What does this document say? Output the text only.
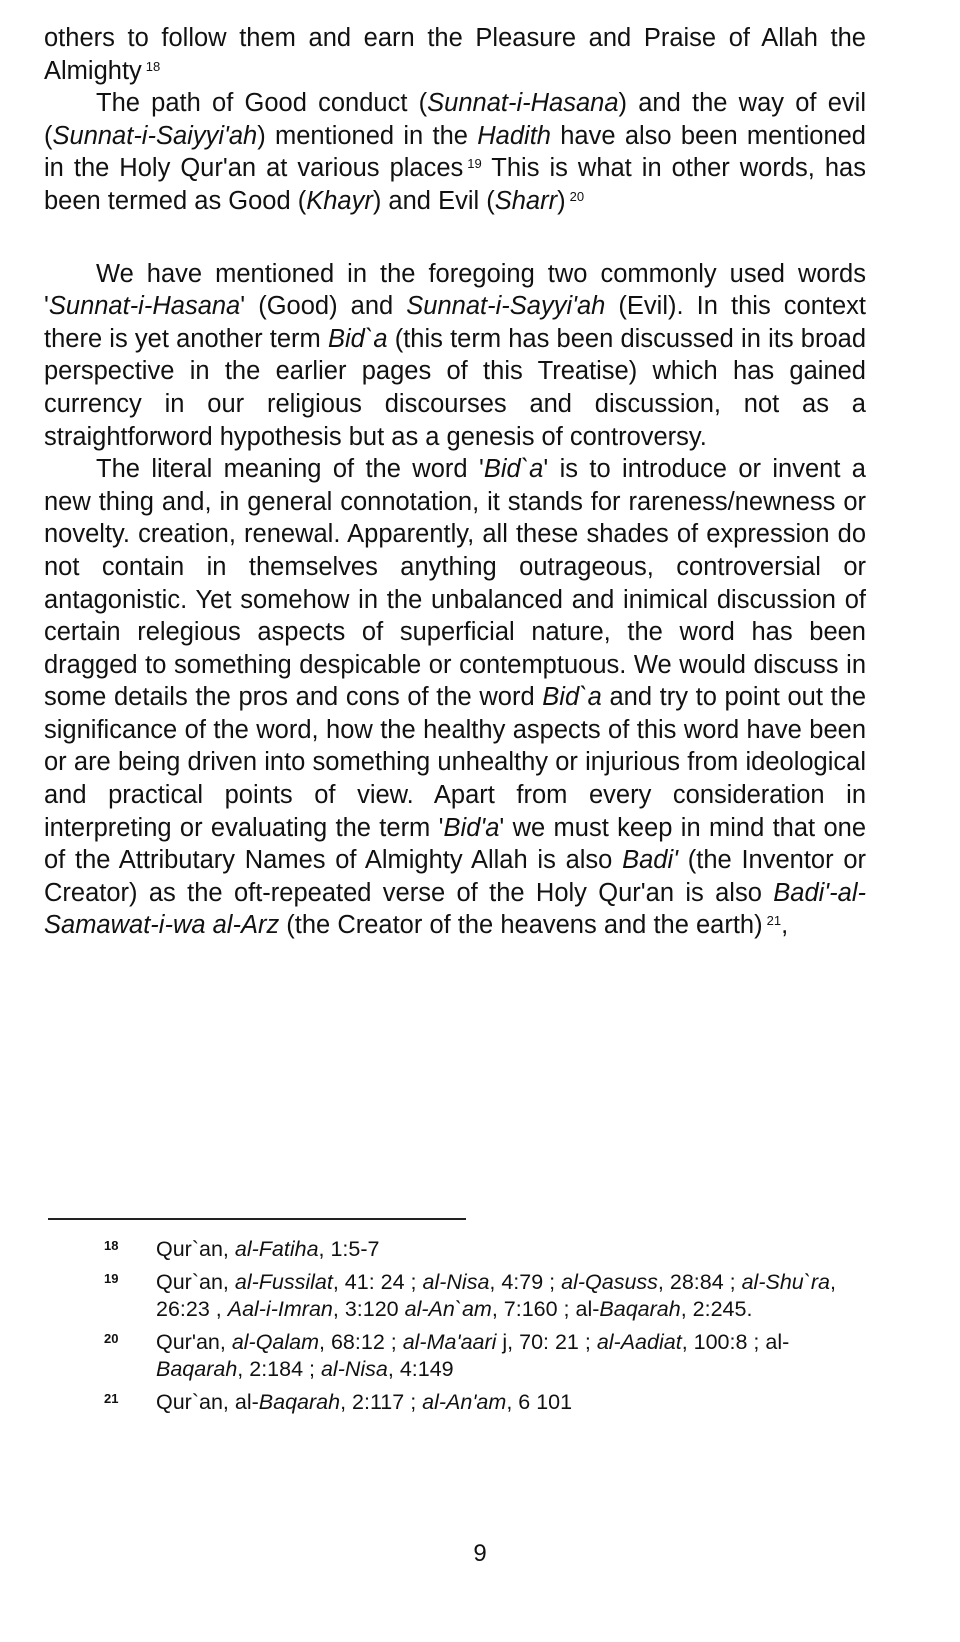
others to follow them and earn the Pleasure and Praise of Allah the Almighty $^{18}$

The path of Good conduct (Sunnat-i-Hasana) and the way of evil (Sunnat-i-Saiyyi'ah) mentioned in the Hadith have also been mentioned in the Holy Qur'an at various places $^{19}$ This is what in other words, has been termed as Good (Khayr) and Evil (Sharr) $^{20}$

We have mentioned in the foregoing two commonly used words 'Sunnat-i-Hasana' (Good) and Sunnat-i-Sayyi'ah (Evil). In this context there is yet another term Bid`a (this term has been discussed in its broad perspective in the earlier pages of this Treatise) which has gained currency in our religious discourses and discussion, not as a straightforword hypothesis but as a genesis of controversy.

The literal meaning of the word 'Bid`a' is to introduce or invent a new thing and, in general connotation, it stands for rareness/newness or novelty. creation, renewal. Apparently, all these shades of expression do not contain in themselves anything outrageous, controversial or antagonistic. Yet somehow in the unbalanced and inimical discussion of certain relegious aspects of superficial nature, the word has been dragged to something despicable or contemptuous. We would discuss in some details the pros and cons of the word Bid`a and try to point out the significance of the word, how the healthy aspects of this word have been or are being driven into something unhealthy or injurious from ideological and practical points of view. Apart from every consideration in interpreting or evaluating the term 'Bid'a' we must keep in mind that one of the Attributary Names of Almighty Allah is also Badi' (the Inventor or Creator) as the oft-repeated verse of the Holy Qur'an is also Badi'-al-Samawat-i-wa al-Arz (the Creator of the heavens and the earth) $^{21}$,

18 Qur`an, al-Fatiha, 1:5-7
19 Qur`an, al-Fussilat, 41: 24 ; al-Nisa, 4:79 ; al-Qasuss, 28:84 ; al-Shu`ra, 26:23 , Aal-i-Imran, 3:120 al-An`am, 7:160 ; al-Baqarah, 2:245.
20 Qur'an, al-Qalam, 68:12 ; al-Ma'aari j, 70: 21 ; al-Aadiat, 100:8 ; al-Baqarah, 2:184 ; al-Nisa, 4:149
21 Qur`an, al-Baqarah, 2:117 ; al-An'am, 6 101
9
